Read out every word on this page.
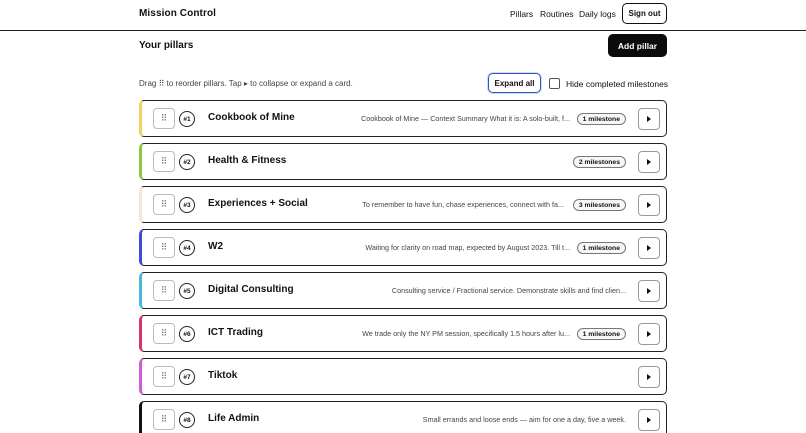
Mission Control	Pillars Routines Daily logs	Sign out
Your pillars	Add pillar
Drag ⠿ to reorder pillars. Tap ▸ to collapse or expand a card.	Expand all	Hide completed milestones
⠿	#1	Cookbook of Mine	1 milestone
Cookbook of Mine — Context Summary What it is: A solo-built, f...
⠿	#2	Health & Fitness	2 milestones
⠿	#3	Experiences + Social	3 milestones
To remember to have fun, chase experiences, connect with fa...
⠿	#4	W2	1 milestone
Waiting for clarity on road map, expected by August 2023. Till t...
⠿	#5	Digital Consulting	Consulting service / Fractional service. Demonstrate skills and find clien...
⠿	#6	ICT Trading	1 milestone
We trade only the NY PM session, specifically 1.5 hours after lu...
⠿	#7	Tiktok
⠿	#8	Life Admin	Small errands and loose ends — aim for one a day, five a week.
